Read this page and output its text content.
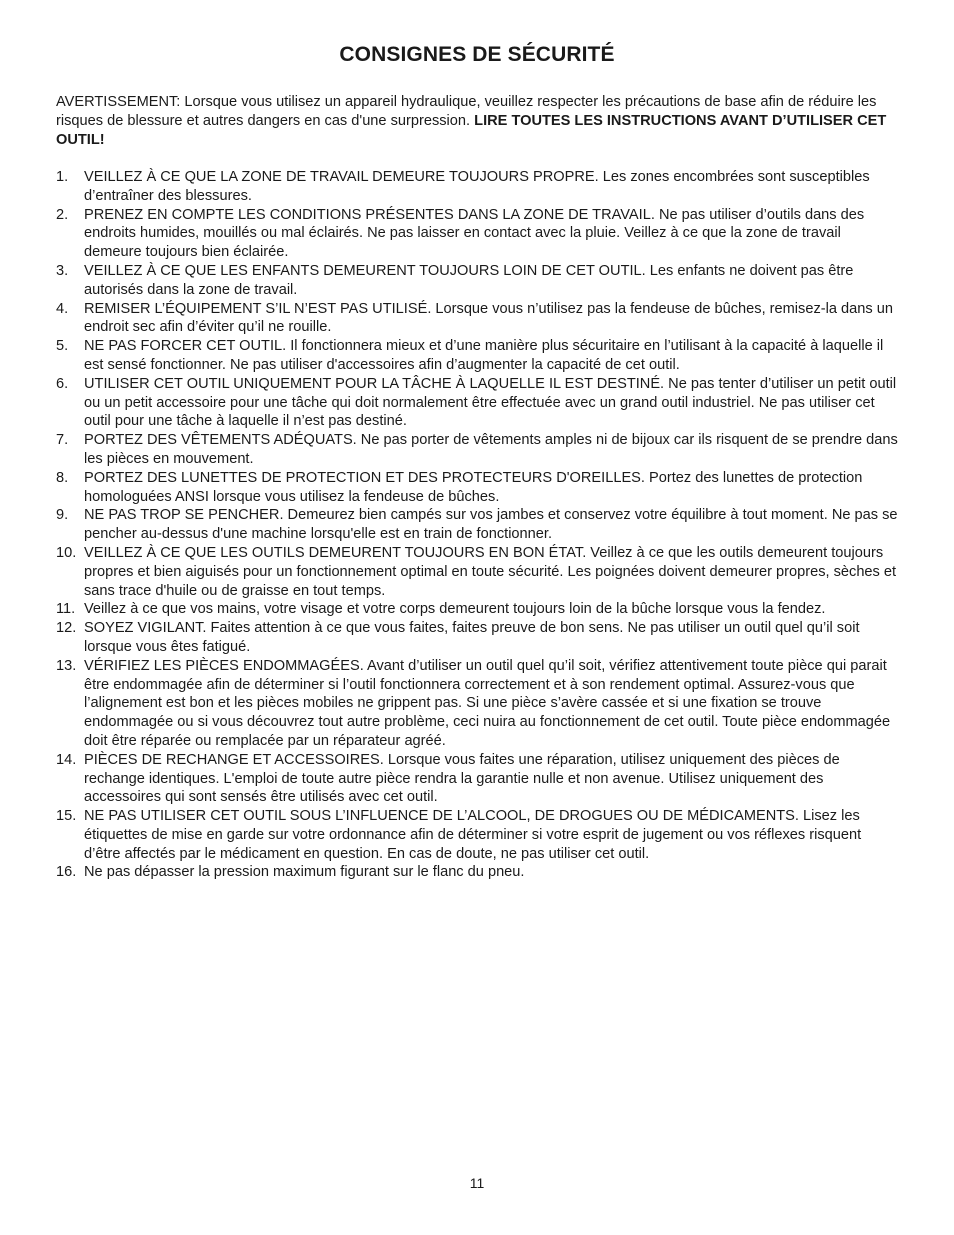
CONSIGNES DE SÉCURITÉ

AVERTISSEMENT: Lorsque vous utilisez un appareil hydraulique, veuillez respecter les précautions de base afin de réduire les risques de blessure et autres dangers en cas d'une surpression. LIRE TOUTES LES INSTRUCTIONS AVANT D’UTILISER CET OUTIL!

1.	VEILLEZ À CE QUE LA ZONE DE TRAVAIL DEMEURE TOUJOURS PROPRE. Les zones encombrées sont susceptibles d’entraîner des blessures.
2.	PRENEZ EN COMPTE LES CONDITIONS PRÉSENTES DANS LA ZONE DE TRAVAIL. Ne pas utiliser d’outils dans des endroits humides, mouillés ou mal éclairés. Ne pas laisser en contact avec la pluie. Veillez à ce que la zone de travail demeure toujours bien éclairée.
3.	VEILLEZ À CE QUE LES ENFANTS DEMEURENT TOUJOURS LOIN DE CET OUTIL. Les enfants ne doivent pas être autorisés dans la zone de travail.
4.	REMISER L’ÉQUIPEMENT S’IL N’EST PAS UTILISÉ. Lorsque vous n’utilisez pas la fendeuse de bûches, remisez-la dans un endroit sec afin d’éviter qu’il ne rouille.
5.	NE PAS FORCER CET OUTIL. Il fonctionnera mieux et d’une manière plus sécuritaire en l’utilisant à la capacité à laquelle il est sensé fonctionner. Ne pas utiliser d'accessoires afin d’augmenter la capacité de cet outil.
6.	UTILISER CET OUTIL UNIQUEMENT POUR LA TÂCHE À LAQUELLE IL EST DESTINÉ. Ne pas tenter d’utiliser un petit outil ou un petit accessoire pour une tâche qui doit normalement être effectuée avec un grand outil industriel. Ne pas utiliser cet outil pour une tâche à laquelle il n’est pas destiné.
7.	PORTEZ DES VÊTEMENTS ADÉQUATS. Ne pas porter de vêtements amples ni de bijoux car ils risquent de se prendre dans les pièces en mouvement.
8.	PORTEZ DES LUNETTES DE PROTECTION ET DES PROTECTEURS D'OREILLES. Portez des lunettes de protection homologuées ANSI lorsque vous utilisez la fendeuse de bûches.
9.	NE PAS TROP SE PENCHER. Demeurez bien campés sur vos jambes et conservez votre équilibre à tout moment. Ne pas se pencher au-dessus d'une machine lorsqu'elle est en train de fonctionner.
10. VEILLEZ À CE QUE LES OUTILS DEMEURENT TOUJOURS EN BON ÉTAT. Veillez à ce que les outils demeurent toujours propres et bien aiguisés pour un fonctionnement optimal en toute sécurité. Les poignées doivent demeurer propres, sèches et sans trace d'huile ou de graisse en tout temps.
11. Veillez à ce que vos mains, votre visage et votre corps demeurent toujours loin de la bûche lorsque vous la fendez.
12. SOYEZ VIGILANT. Faites attention à ce que vous faites, faites preuve de bon sens. Ne pas utiliser un outil quel qu’il soit lorsque vous êtes fatigué.
13. VÉRIFIEZ LES PIÈCES ENDOMMAGÉES. Avant d’utiliser un outil quel qu’il soit, vérifiez attentivement toute pièce qui parait être endommagée afin de déterminer si l’outil fonctionnera correctement et à son rendement optimal. Assurez-vous que l’alignement est bon et les pièces mobiles ne grippent pas. Si une pièce s’avère cassée et si une fixation se trouve endommagée ou si vous découvrez tout autre problème, ceci nuira au fonctionnement de cet outil. Toute pièce endommagée doit être réparée ou remplacée par un réparateur agréé.
14. PIÈCES DE RECHANGE ET ACCESSOIRES. Lorsque vous faites une réparation, utilisez uniquement des pièces de rechange identiques. L'emploi de toute autre pièce rendra la garantie nulle et non avenue. Utilisez uniquement des accessoires qui sont sensés être utilisés avec cet outil.
15. NE PAS UTILISER CET OUTIL SOUS L’INFLUENCE DE L’ALCOOL, DE DROGUES OU DE MÉDICAMENTS. Lisez les étiquettes de mise en garde sur votre ordonnance afin de déterminer si votre esprit de jugement ou vos réflexes risquent d’être affectés par le médicament en question. En cas de doute, ne pas utiliser cet outil.
16. Ne pas dépasser la pression maximum figurant sur le flanc du pneu.
11
